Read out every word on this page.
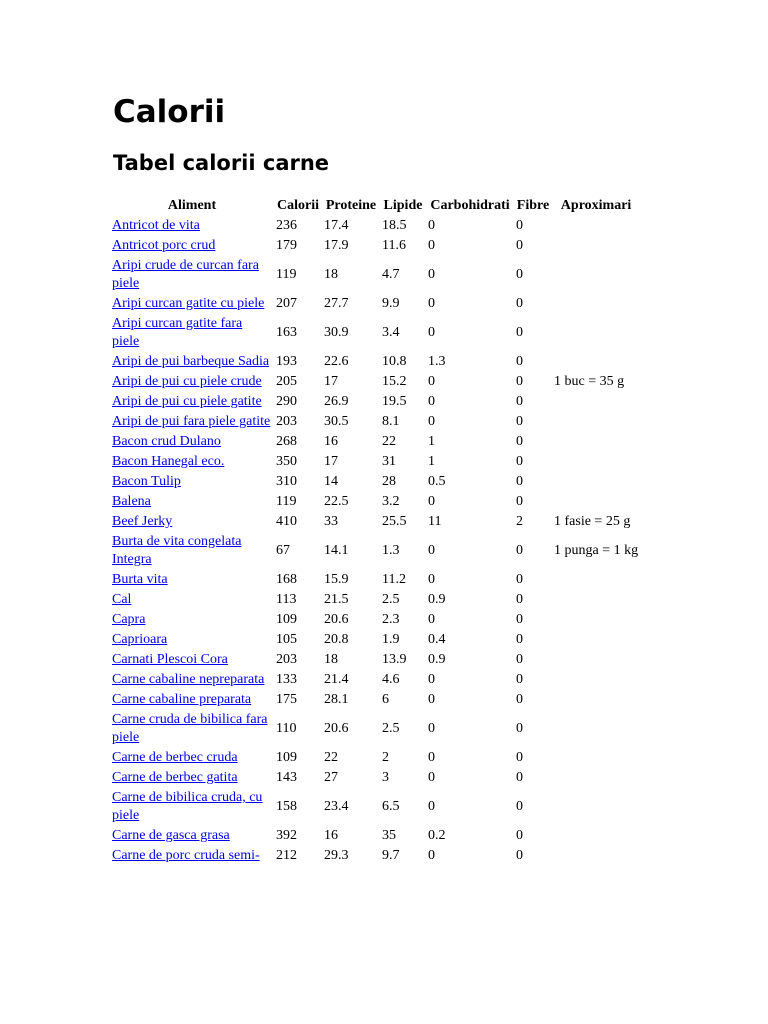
Calorii
Tabel calorii carne
Aliment	Calorii	Proteine	Lipide	Carbohidrati	Fibre	Aproximari
Antricot de vita	236	17.4	18.5	0	0	
Antricot porc crud	179	17.9	11.6	0	0	
Aripi crude de curcan fara piele	119	18	4.7	0	0	
Aripi curcan gatite cu piele	207	27.7	9.9	0	0	
Aripi curcan gatite fara piele	163	30.9	3.4	0	0	
Aripi de pui barbeque Sadia	193	22.6	10.8	1.3	0	
Aripi de pui cu piele crude	205	17	15.2	0	0	1 buc = 35 g
Aripi de pui cu piele gatite	290	26.9	19.5	0	0	
Aripi de pui fara piele gatite	203	30.5	8.1	0	0	
Bacon crud Dulano	268	16	22	1	0	
Bacon Hanegal eco.	350	17	31	1	0	
Bacon Tulip	310	14	28	0.5	0	
Balena	119	22.5	3.2	0	0	
Beef Jerky	410	33	25.5	11	2	1 fasie = 25 g
Burta de vita congelata Integra	67	14.1	1.3	0	0	1 punga = 1 kg
Burta vita	168	15.9	11.2	0	0	
Cal	113	21.5	2.5	0.9	0	
Capra	109	20.6	2.3	0	0	
Caprioara	105	20.8	1.9	0.4	0	
Carnati Plescoi Cora	203	18	13.9	0.9	0	
Carne cabaline nepreparata	133	21.4	4.6	0	0	
Carne cabaline preparata	175	28.1	6	0	0	
Carne cruda de bibilica fara piele	110	20.6	2.5	0	0	
Carne de berbec cruda	109	22	2	0	0	
Carne de berbec gatita	143	27	3	0	0	
Carne de bibilica cruda, cu piele	158	23.4	6.5	0	0	
Carne de gasca grasa	392	16	35	0.2	0	
Carne de porc cruda semi-	212	29.3	9.7	0	0	
